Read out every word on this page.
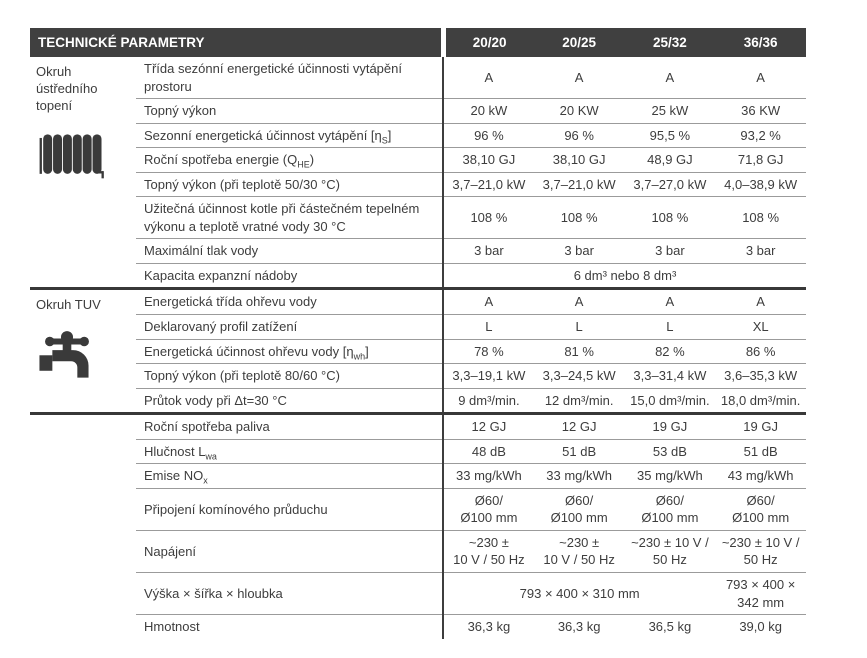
TECHNICKÉ PARAMETRY		20/20	20/25	25/32	36/36

Okruh ústředního topení	Třída sezónní energetické účinnosti vytápění prostoru	A	A	A	A
	Topný výkon	20 kW	20 KW	25 kW	36 KW
	Sezonní energetická účinnost vytápění $[\eta_S]$	96 %	96 %	95,5 %	93,2 %
	Roční spotřeba energie $(Q_{HE})$	38,10 GJ	38,10 GJ	48,9 GJ	71,8 GJ
	Topný výkon (při teplotě 50/30 °C)	3,7–21,0 kW	3,7–21,0 kW	3,7–27,0 kW	4,0–38,9 kW
	Užitečná účinnost kotle při částečném tepelném výkonu a teplotě vratné vody 30 °C	108 %	108 %	108 %	108 %
	Maximální tlak vody	3 bar	3 bar	3 bar	3 bar
	Kapacita expanzní nádoby	6 dm³ nebo 8 dm³			

Okruh TUV	Energetická třída ohřevu vody	A	A	A	A
	Deklarovaný profil zatížení	L	L	L	XL
	Energetická účinnost ohřevu vody $[\eta_{wh}]$	78 %	81 %	82 %	86 %
	Topný výkon (při teplotě 80/60 °C)	3,3–19,1 kW	3,3–24,5 kW	3,3–31,4 kW	3,6–35,3 kW
	Průtok vody při Δt=30 °C	9 dm³/min.	12 dm³/min.	15,0 dm³/min.	18,0 dm³/min.

	Roční spotřeba paliva	12 GJ	12 GJ	19 GJ	19 GJ
	Hlučnost $L_{wa}$	48 dB	51 dB	53 dB	51 dB
	Emise $NO_x$	33 mg/kWh	33 mg/kWh	35 mg/kWh	43 mg/kWh
	Připojení komínového průduchu	Ø60/
Ø100 mm	Ø60/
Ø100 mm	Ø60/
Ø100 mm	Ø60/
Ø100 mm
	Napájení	~230 ±
10 V / 50 Hz	~230 ±
10 V / 50 Hz	~230 ± 10 V /
50 Hz	~230 ± 10 V /
50 Hz
	Výška × šířka × hloubka	793 × 400 × 310 mm			793 × 400 ×
342 mm
	Hmotnost	36,3 kg	36,3 kg	36,5 kg	39,0 kg
